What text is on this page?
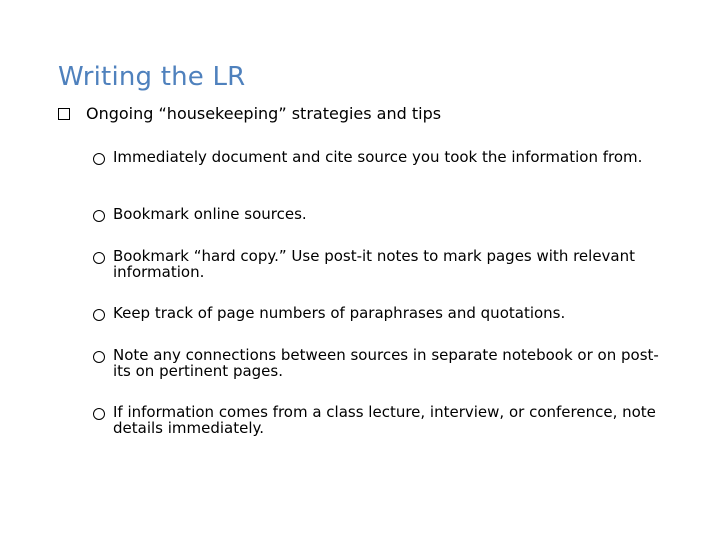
Writing the LR
Ongoing “housekeeping” strategies and tips
Immediately document and cite source you took the information from.
Bookmark online sources.
Bookmark “hard copy.” Use post-it notes to mark pages with relevant information.
Keep track of page numbers of paraphrases and quotations.
Note any connections between sources in separate notebook or on post-its on pertinent pages.
If information comes from a class lecture, interview, or conference, note details immediately.
